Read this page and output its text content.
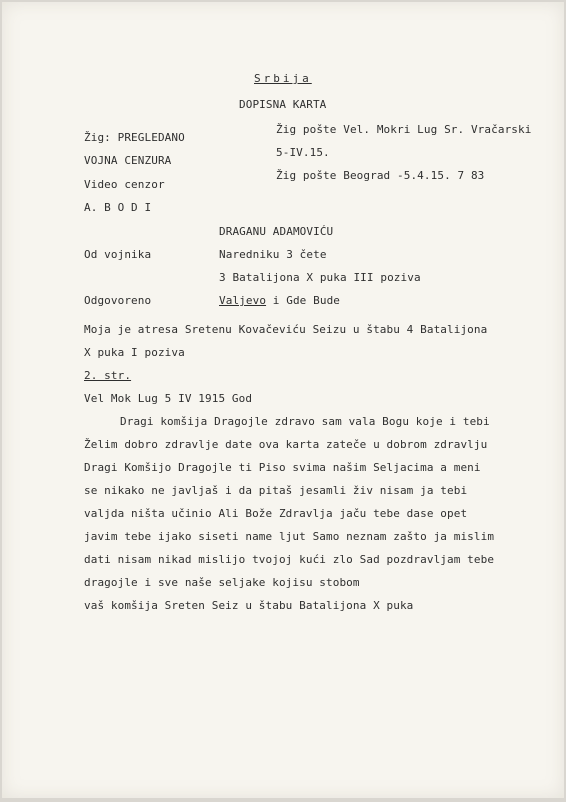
Srbija
DOPISNA KARTA
Žig pošte Vel. Mokri Lug Sr. Vračarski
5-IV.15.
Žig pošte Beograd -5.4.15. 7 83
Žig: PREGLEDANO
VOJNA CENZURA
Video cenzor
A. B O D I
DRAGANU ADAMOVIĆU
Od vojnika	Naredniku 3 čete
3 Batalijona X puka III poziva
Odgovoreno	Valjevo i Gde Bude
Moja je atresa Sretenu Kovačeviću Seizu u štabu 4 Batalijona
X puka I poziva
2. str.
Vel Mok Lug 5 IV 1915 God
Dragi komšija Dragojle zdravo sam vala Bogu koje i tebi
Želim dobro zdravlje date ova karta zateče u dobrom zdravlju
Dragi Komšijo Dragojle ti Piso svima našim Seljacima a meni
se nikako ne javljaš i da pitaš jesamli živ nisam ja tebi
valjda ništa učinio Ali Bože Zdravlja jaču tebe dase opet
javim tebe ijako siseti name ljut Samo neznam zašto ja mislim
dati nisam nikad mislijo tvojoj kući zlo Sad pozdravljam tebe
dragojle i sve naše seljake kojisu stobom
vaš komšija Sreten Seiz u štabu Batalijona X puka
